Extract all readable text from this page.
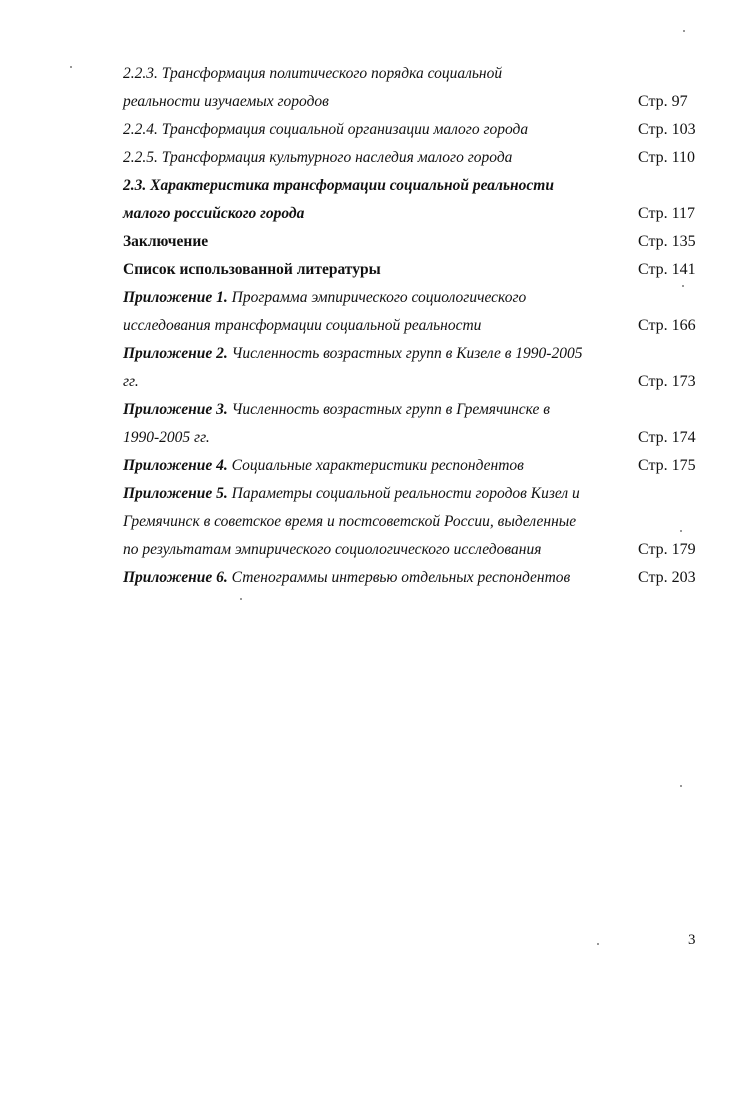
2.2.3. Трансформация политического порядка социальной
реальности изучаемых городов	Стр. 97
2.2.4. Трансформация социальной организации малого города	Стр. 103
2.2.5. Трансформация культурного наследия малого города	Стр. 110
2.3. Характеристика трансформации социальной реальности
малого российского города	Стр. 117
Заключение	Стр. 135
Список использованной литературы	Стр. 141
Приложение 1. Программа эмпирического социологического
исследования трансформации социальной реальности	Стр. 166
Приложение 2. Численность возрастных групп в Кизеле в 1990-2005
гг.	Стр. 173
Приложение 3. Численность возрастных групп в Гремячинске в
1990-2005 гг.	Стр. 174
Приложение 4. Социальные характеристики респондентов	Стр. 175
Приложение 5. Параметры социальной реальности городов Кизел и
Гремячинск в советское время и постсоветской России, выделенные
по результатам эмпирического социологического исследования	Стр. 179
Приложение 6. Стенограммы интервью отдельных респондентов	Стр. 203
3
